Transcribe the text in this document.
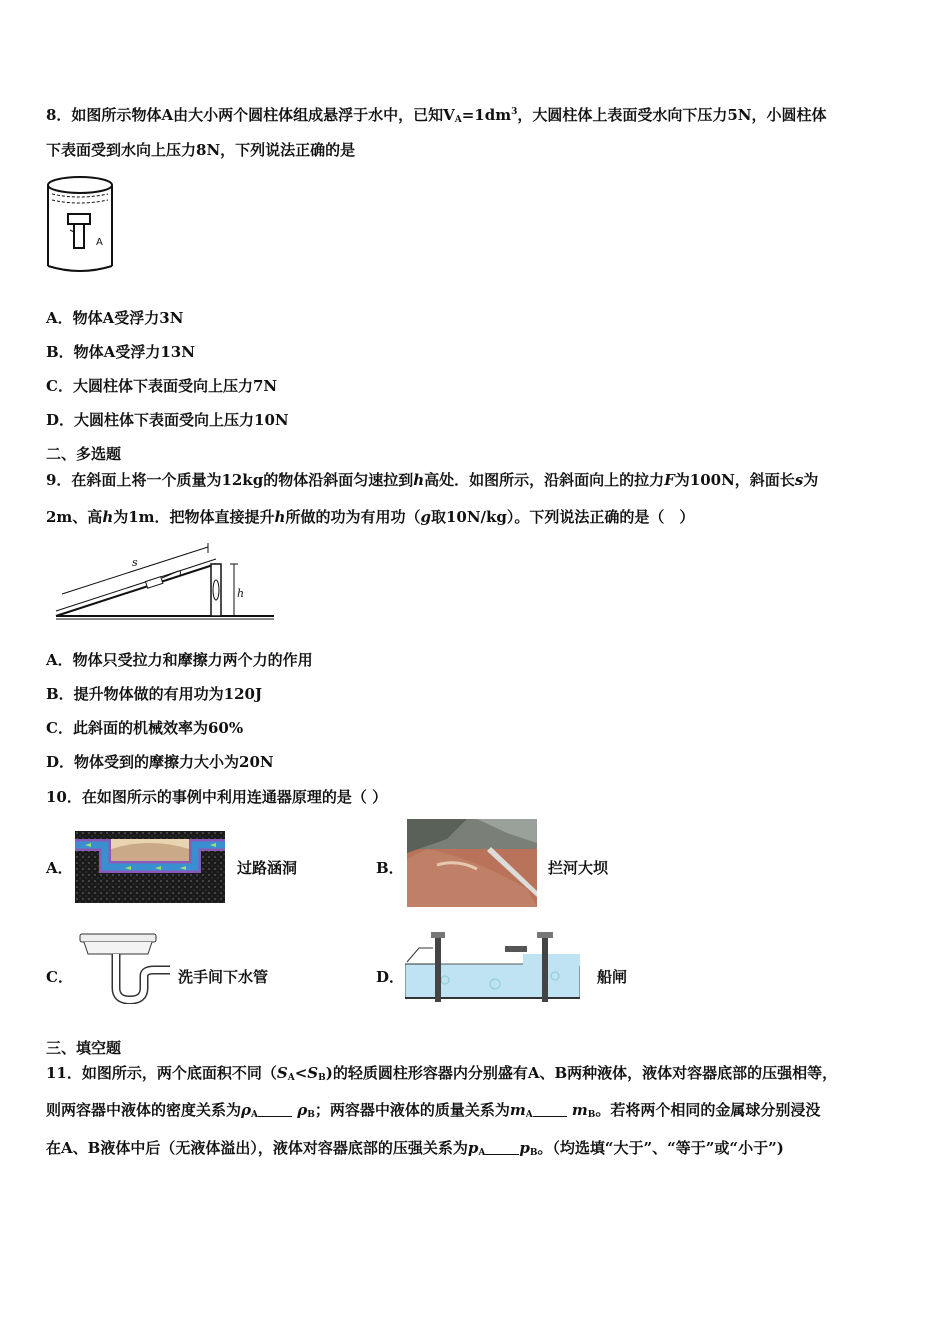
8．如图所示物体A由大小两个圆柱体组成悬浮于水中，已知$V_A=1dm^3$，大圆柱体上表面受水向下压力5N，小圆柱体
下表面受到水向上压力8N，下列说法正确的是
A
A．物体A受浮力3N
B．物体A受浮力13N
C．大圆柱体下表面受向上压力7N
D．大圆柱体下表面受向上压力10N
二、多选题
9．在斜面上将一个质量为12kg的物体沿斜面匀速拉到h高处．如图所示，沿斜面向上的拉力F为100N，斜面长s为
2m、高h为1m．把物体直接提升h所做的功为有用功（g取10N/kg）。下列说法正确的是（　）
h
s
A．物体只受拉力和摩擦力两个力的作用
B．提升物体做的有用功为120J
C．此斜面的机械效率为60%
D．物体受到的摩擦力大小为20N
10．在如图所示的事例中利用连通器原理的是（ ）
A．	过路涵洞	B．	拦河大坝
C．	洗手间下水管	D．	船闸
三、填空题
11．如图所示，两个底面积不同$(S_A<S_B)$的轻质圆柱形容器内分别盛有A、B两种液体，液体对容器底部的压强相等，
则两容器中液体的密度关系为$\rho_A$	$\rho_B$；两容器中液体的质量关系为$m_A$	$m_B$。若将两个相同的金属球分别浸没
在A、B液体中后（无液体溢出），液体对容器底部的压强关系为$p_A$ $p_B$。（均选填“大于”、“等于”或“小于”)
